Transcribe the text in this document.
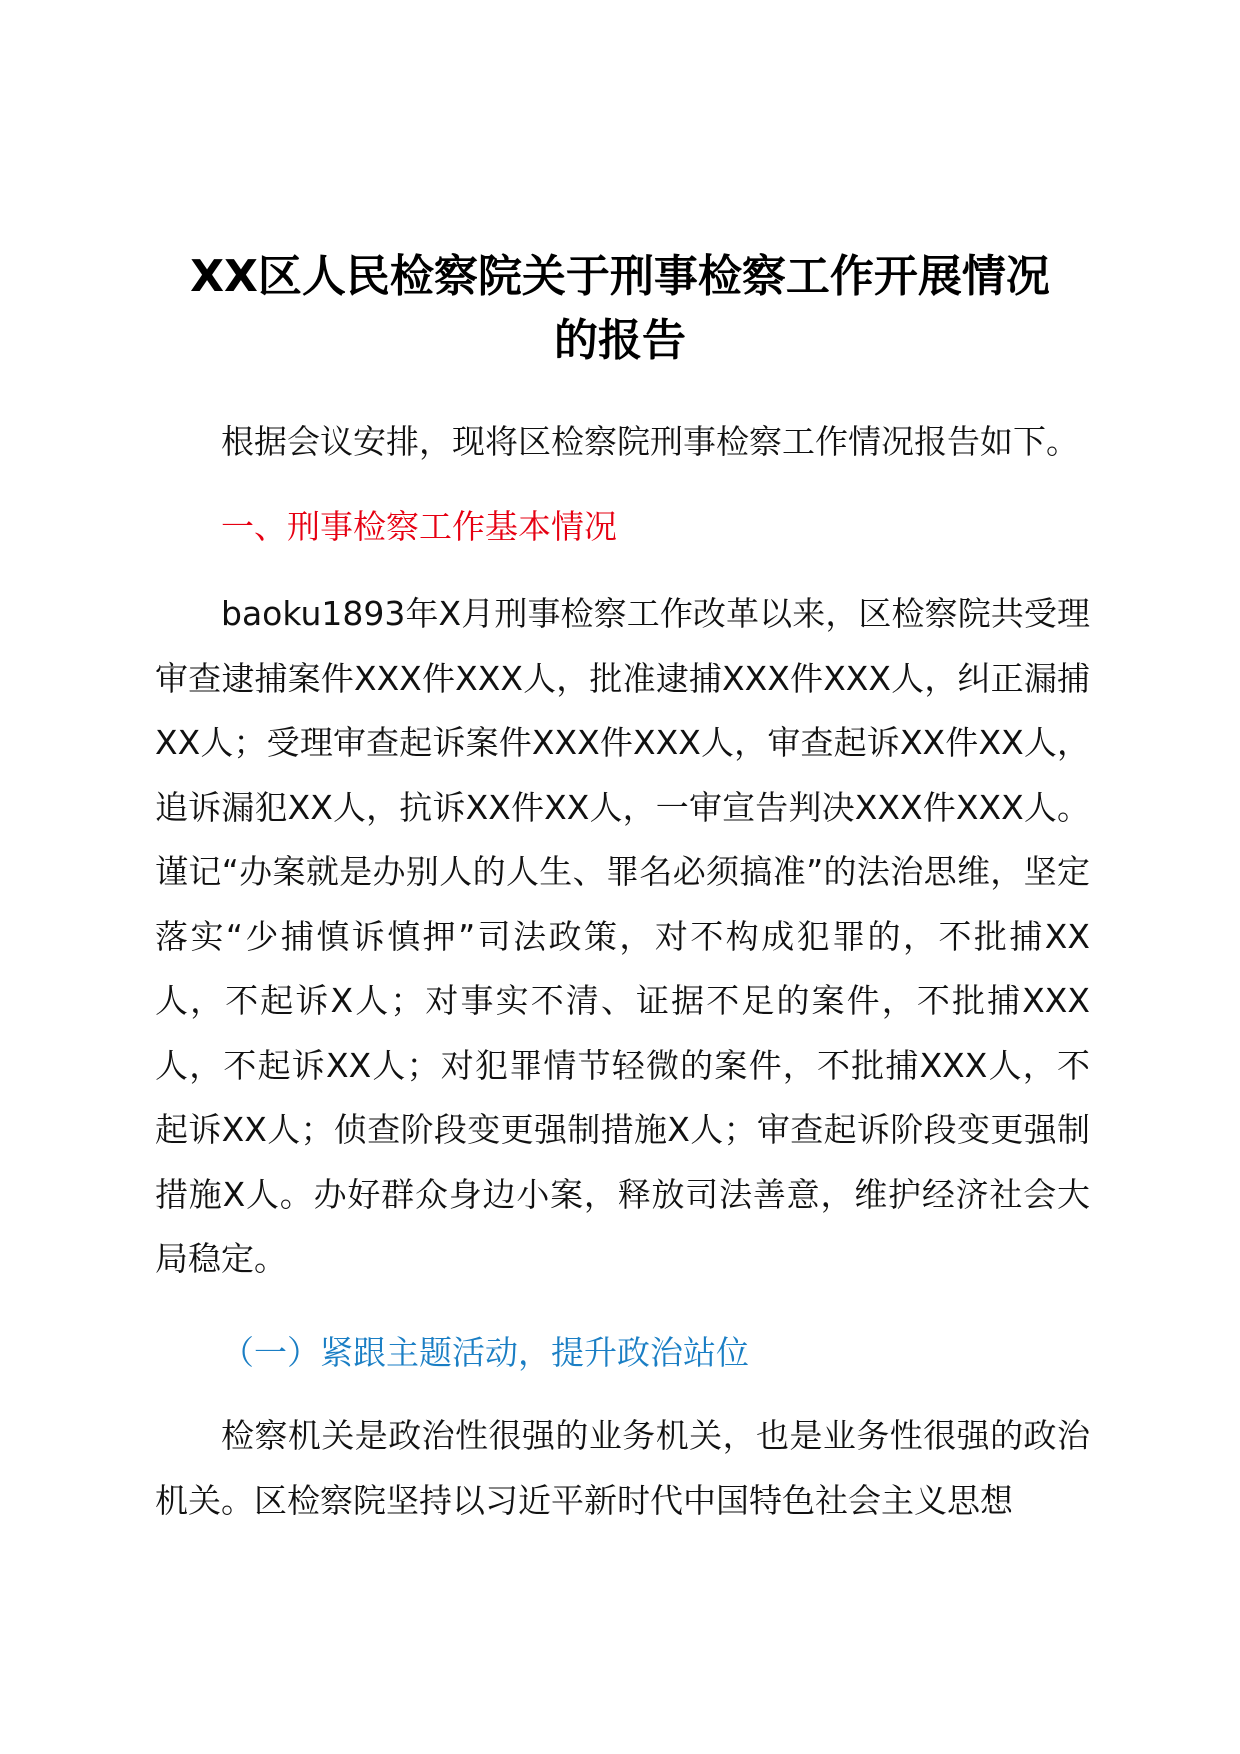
XX区人民检察院关于刑事检察工作开展情况
的报告

根据会议安排，现将区检察院刑事检察工作情况报告如下。

一、刑事检察工作基本情况

baoku1893年X月刑事检察工作改革以来，区检察院共受理审查逮捕案件XXX件XXX人，批准逮捕XXX件XXX人，纠正漏捕XX人；受理审查起诉案件XXX件XXX人，审查起诉XX件XX人，追诉漏犯XX人，抗诉XX件XX人，一审宣告判决XXX件XXX人。谨记“办案就是办别人的人生、罪名必须搞准”的法治思维，坚定落实“少捕慎诉慎押”司法政策，对不构成犯罪的，不批捕XX人，不起诉X人；对事实不清、证据不足的案件，不批捕XXX人，不起诉XX人；对犯罪情节轻微的案件，不批捕XXX人，不起诉XX人；侦查阶段变更强制措施X人；审查起诉阶段变更强制措施X人。办好群众身边小案，释放司法善意，维护经济社会大局稳定。

（一）紧跟主题活动，提升政治站位

检察机关是政治性很强的业务机关，也是业务性很强的政治机关。区检察院坚持以习近平新时代中国特色社会主义思想
